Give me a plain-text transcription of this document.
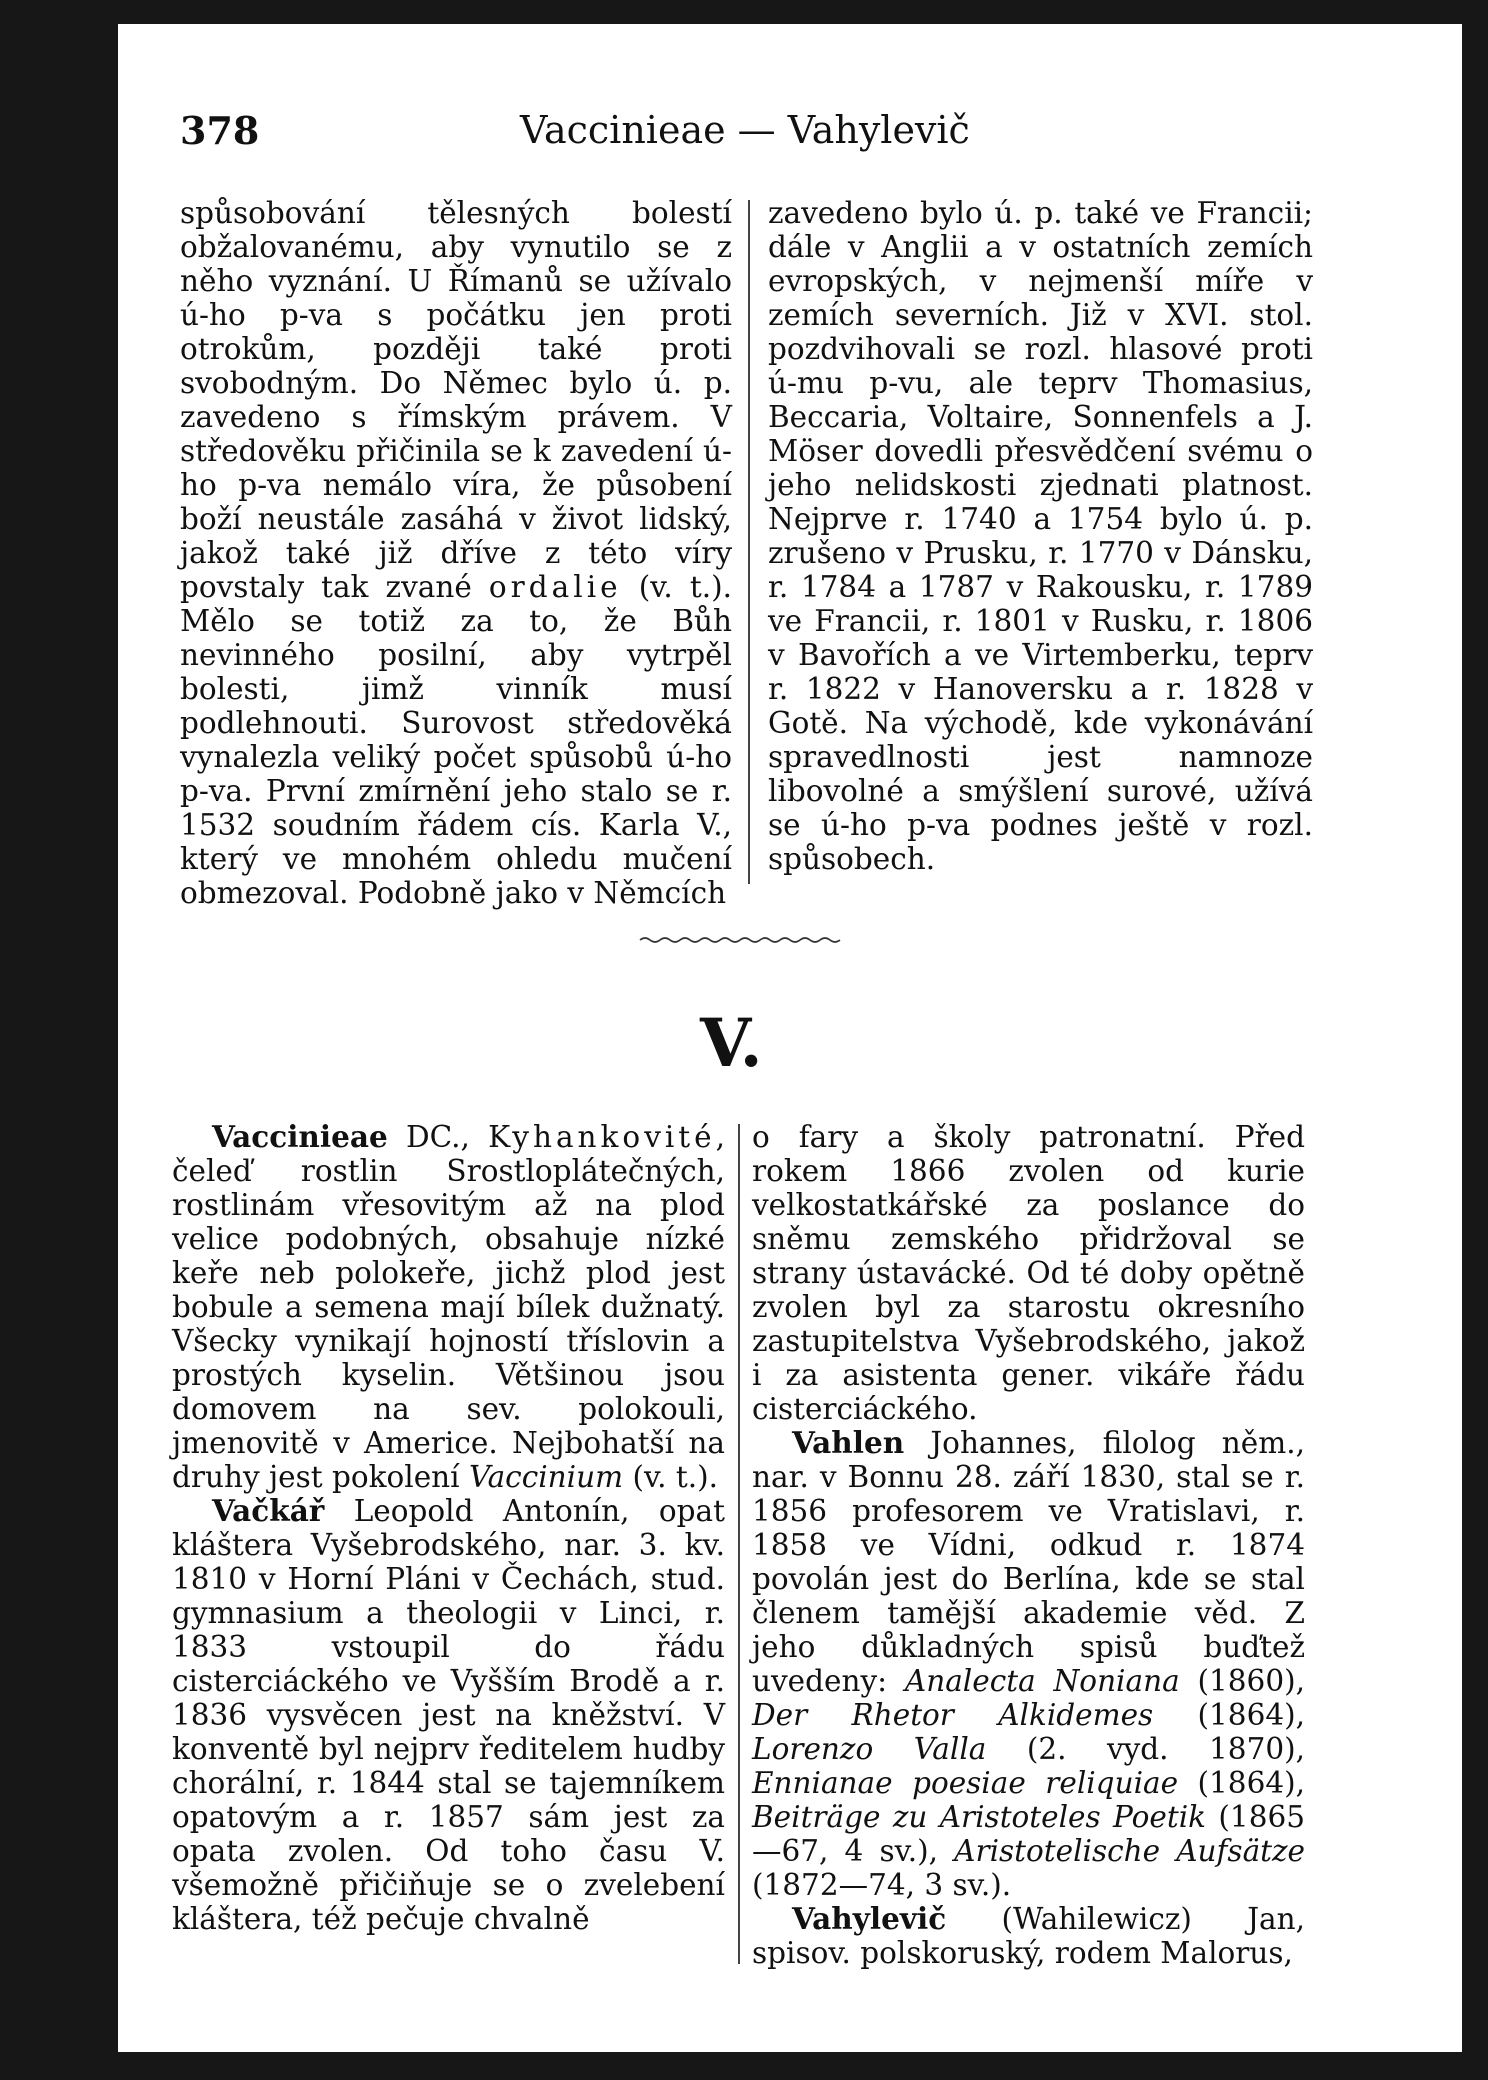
378	Vaccinieae — Vahylevič

spůsobování tělesných bolestí obžalovanému, aby vynutilo se z něho vyznání. U Římanů se užívalo ú-ho p-va s počátku jen proti otrokům, později také proti svobodným. Do Němec bylo ú. p. zavedeno s římským právem. V středověku přičinila se k zavedení ú-ho p-va nemálo víra, že působení boží neustále zasáhá v život lidský, jakož také již dříve z této víry povstaly tak zvané ordalie (v. t.). Mělo se totiž za to, že Bůh nevinného posilní, aby vytrpěl bolesti, jimž vinník musí podlehnouti. Surovost středověká vynalezla veliký počet spůsobů ú-ho p-va. První zmírnění jeho stalo se r. 1532 soudním řádem cís. Karla V., který ve mnohém ohledu mučení obmezoval. Podobně jako v Němcích

zavedeno bylo ú. p. také ve Francii; dále v Anglii a v ostatních zemích evropských, v nejmenší míře v zemích severních. Již v XVI. stol. pozdvihovali se rozl. hlasové proti ú-mu p-vu, ale teprv Thomasius, Beccaria, Voltaire, Sonnenfels a J. Möser dovedli přesvědčení svému o jeho nelidskosti zjednati platnost. Nejprve r. 1740 a 1754 bylo ú. p. zrušeno v Prusku, r. 1770 v Dánsku, r. 1784 a 1787 v Rakousku, r. 1789 ve Francii, r. 1801 v Rusku, r. 1806 v Bavořích a ve Virtemberku, teprv r. 1822 v Hanoversku a r. 1828 v Gotě. Na východě, kde vykonávání spravedlnosti jest namnoze libovolné a smýšlení surové, užívá se ú-ho p-va podnes ještě v rozl. spůsobech.

V.

Vaccinieae DC., Kyhankovité, čeleď rostlin Srostloplátečných, rostlinám vřesovitým až na plod velice podobných, obsahuje nízké keře neb polokeře, jichž plod jest bobule a semena mají bílek dužnatý. Všecky vynikají hojností tříslovin a prostých kyselin. Většinou jsou domovem na sev. polokouli, jmenovitě v Americe. Nejbohatší na druhy jest pokolení Vaccinium (v. t.).

Vačkář Leopold Antonín, opat kláštera Vyšebrodského, nar. 3. kv. 1810 v Horní Pláni v Čechách, stud. gymnasium a theologii v Linci, r. 1833 vstoupil do řádu cisterciáckého ve Vyšším Brodě a r. 1836 vysvěcen jest na kněžství. V konventě byl nejprv ředitelem hudby chorální, r. 1844 stal se tajemníkem opatovým a r. 1857 sám jest za opata zvolen. Od toho času V. všemožně přičiňuje se o zvelebení kláštera, též pečuje chvalně

o fary a školy patronatní. Před rokem 1866 zvolen od kurie velkostatkářské za poslance do sněmu zemského přidržoval se strany ústavácké. Od té doby opětně zvolen byl za starostu okresního zastupitelstva Vyšebrodského, jakož i za asistenta gener. vikáře řádu cisterciáckého.

Vahlen Johannes, filolog něm., nar. v Bonnu 28. září 1830, stal se r. 1856 profesorem ve Vratislavi, r. 1858 ve Vídni, odkud r. 1874 povolán jest do Berlína, kde se stal členem tamější akademie věd. Z jeho důkladných spisů buďtež uvedeny: Analecta Noniana (1860), Der Rhetor Alkidemes (1864), Lorenzo Valla (2. vyd. 1870), Ennianae poesiae reliquiae (1864), Beiträge zu Aristoteles Poetik (1865—67, 4 sv.), Aristotelische Aufsätze (1872—74, 3 sv.).

Vahylevič (Wahilewicz) Jan, spisov. polskoruský, rodem Malorus,
